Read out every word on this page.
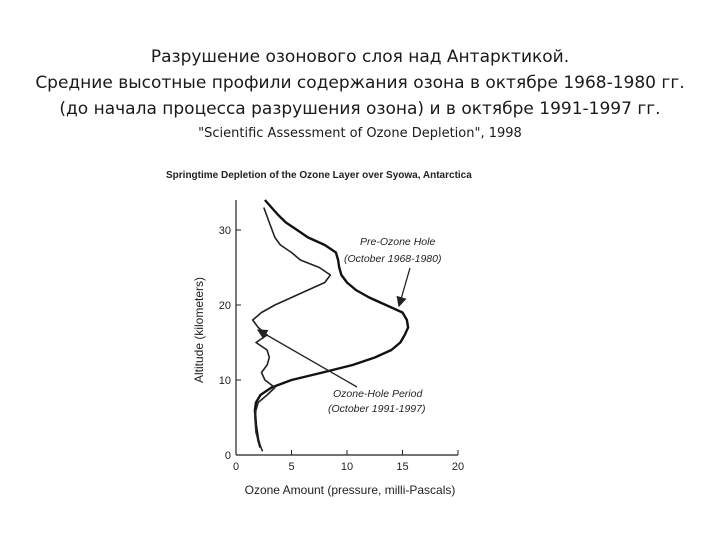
Разрушение озонового слоя над Антарктикой.
Средние высотные профили содержания озона в октябре 1968-1980 гг.
(до начала процесса разрушения озона) и в октябре 1991-1997 гг.
"Scientific Assessment of Ozone Depletion", 1998
Springtime Depletion of the Ozone Layer over Syowa, Antarctica
0	5	10	15	20
0
10
20
30
Pre-Ozone Hole
(October 1968-1980)
Ozone-Hole Period
(October 1991-1997)
Ozone Amount (pressure, milli-Pascals)
Altitude (kilometers)
